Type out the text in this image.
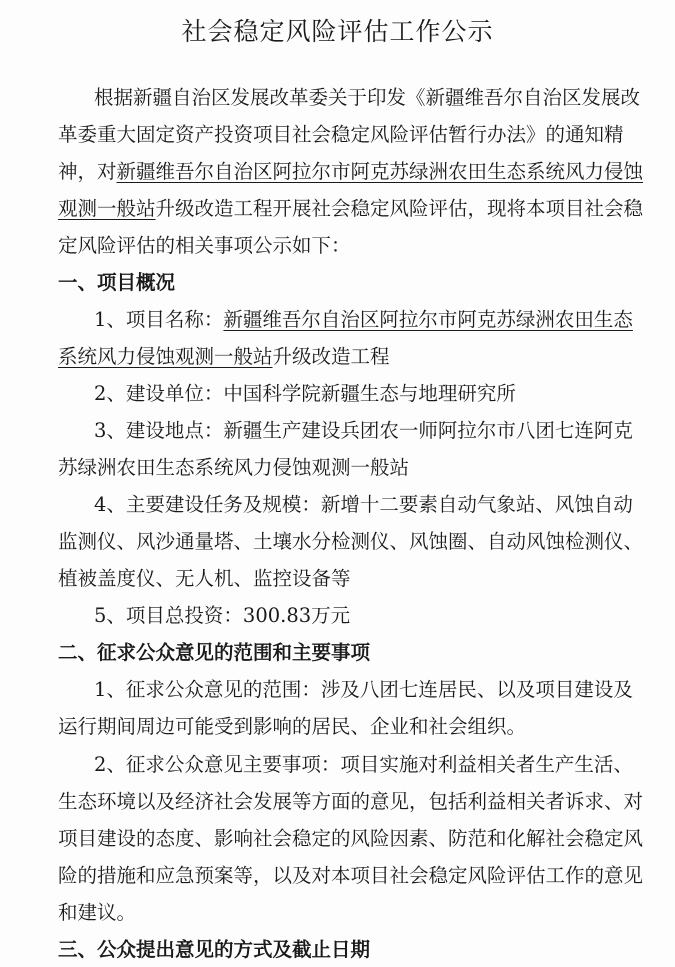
社会稳定风险评估工作公示
根据新疆自治区发展改革委关于印发《新疆维吾尔自治区发展改
革委重大固定资产投资项目社会稳定风险评估暂行办法》的通知精
神，对新疆维吾尔自治区阿拉尔市阿克苏绿洲农田生态系统风力侵蚀
观测一般站升级改造工程开展社会稳定风险评估，现将本项目社会稳
定风险评估的相关事项公示如下：
一、项目概况
1、项目名称：新疆维吾尔自治区阿拉尔市阿克苏绿洲农田生态
系统风力侵蚀观测一般站升级改造工程
2、建设单位：中国科学院新疆生态与地理研究所
3、建设地点：新疆生产建设兵团农一师阿拉尔市八团七连阿克
苏绿洲农田生态系统风力侵蚀观测一般站
4、主要建设任务及规模：新增十二要素自动气象站、风蚀自动
监测仪、风沙通量塔、土壤水分检测仪、风蚀圈、自动风蚀检测仪、
植被盖度仪、无人机、监控设备等
5、项目总投资：300.83万元
二、征求公众意见的范围和主要事项
1、征求公众意见的范围：涉及八团七连居民、以及项目建设及
运行期间周边可能受到影响的居民、企业和社会组织。
2、征求公众意见主要事项：项目实施对利益相关者生产生活、
生态环境以及经济社会发展等方面的意见，包括利益相关者诉求、对
项目建设的态度、影响社会稳定的风险因素、防范和化解社会稳定风
险的措施和应急预案等，以及对本项目社会稳定风险评估工作的意见
和建议。
三、公众提出意见的方式及截止日期
